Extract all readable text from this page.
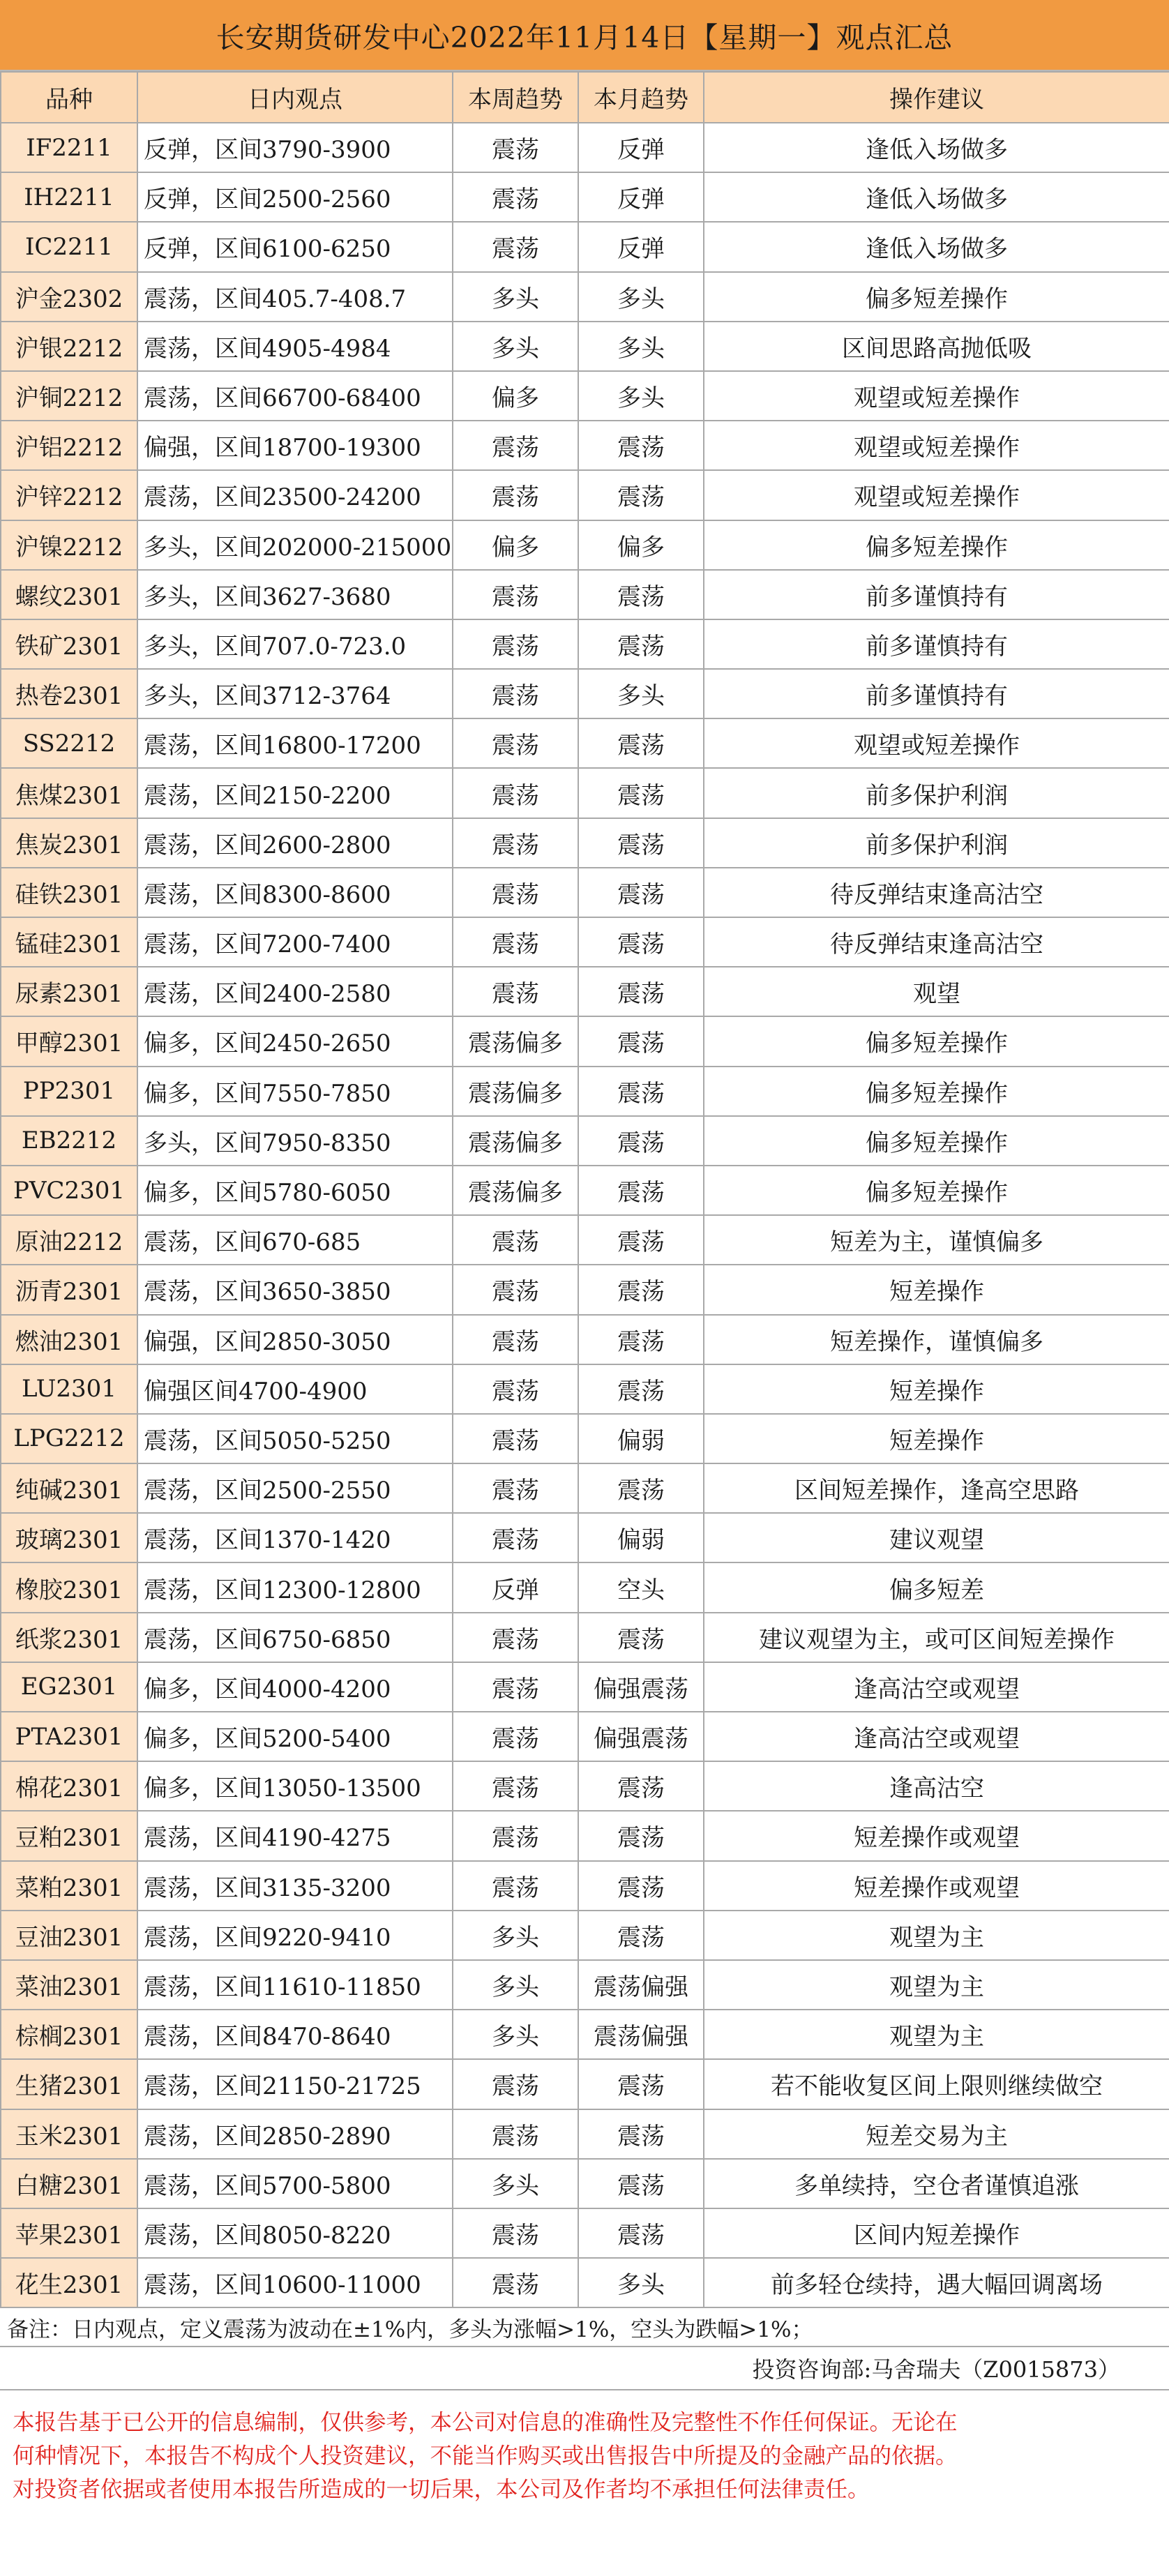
长安期货研发中心2022年11月14日【星期一】观点汇总
品种	日内观点	本周趋势	本月趋势	操作建议
IF2211	反弹，区间3790-3900	震荡	反弹	逢低入场做多
IH2211	反弹，区间2500-2560	震荡	反弹	逢低入场做多
IC2211	反弹，区间6100-6250	震荡	反弹	逢低入场做多
沪金2302	震荡，区间405.7-408.7	多头	多头	偏多短差操作
沪银2212	震荡，区间4905-4984	多头	多头	区间思路高抛低吸
沪铜2212	震荡，区间66700-68400	偏多	多头	观望或短差操作
沪铝2212	偏强，区间18700-19300	震荡	震荡	观望或短差操作
沪锌2212	震荡，区间23500-24200	震荡	震荡	观望或短差操作
沪镍2212	多头，区间202000-215000	偏多	偏多	偏多短差操作
螺纹2301	多头，区间3627-3680	震荡	震荡	前多谨慎持有
铁矿2301	多头，区间707.0-723.0	震荡	震荡	前多谨慎持有
热卷2301	多头，区间3712-3764	震荡	多头	前多谨慎持有
SS2212	震荡，区间16800-17200	震荡	震荡	观望或短差操作
焦煤2301	震荡，区间2150-2200	震荡	震荡	前多保护利润
焦炭2301	震荡，区间2600-2800	震荡	震荡	前多保护利润
硅铁2301	震荡，区间8300-8600	震荡	震荡	待反弹结束逢高沽空
锰硅2301	震荡，区间7200-7400	震荡	震荡	待反弹结束逢高沽空
尿素2301	震荡，区间2400-2580	震荡	震荡	观望
甲醇2301	偏多，区间2450-2650	震荡偏多	震荡	偏多短差操作
PP2301	偏多，区间7550-7850	震荡偏多	震荡	偏多短差操作
EB2212	多头，区间7950-8350	震荡偏多	震荡	偏多短差操作
PVC2301	偏多，区间5780-6050	震荡偏多	震荡	偏多短差操作
原油2212	震荡，区间670-685	震荡	震荡	短差为主，谨慎偏多
沥青2301	震荡，区间3650-3850	震荡	震荡	短差操作
燃油2301	偏强，区间2850-3050	震荡	震荡	短差操作，谨慎偏多
LU2301	偏强区间4700-4900	震荡	震荡	短差操作
LPG2212	震荡，区间5050-5250	震荡	偏弱	短差操作
纯碱2301	震荡，区间2500-2550	震荡	震荡	区间短差操作，逢高空思路
玻璃2301	震荡，区间1370-1420	震荡	偏弱	建议观望
橡胶2301	震荡，区间12300-12800	反弹	空头	偏多短差
纸浆2301	震荡，区间6750-6850	震荡	震荡	建议观望为主，或可区间短差操作
EG2301	偏多，区间4000-4200	震荡	偏强震荡	逢高沽空或观望
PTA2301	偏多，区间5200-5400	震荡	偏强震荡	逢高沽空或观望
棉花2301	偏多，区间13050-13500	震荡	震荡	逢高沽空
豆粕2301	震荡，区间4190-4275	震荡	震荡	短差操作或观望
菜粕2301	震荡，区间3135-3200	震荡	震荡	短差操作或观望
豆油2301	震荡，区间9220-9410	多头	震荡	观望为主
菜油2301	震荡，区间11610-11850	多头	震荡偏强	观望为主
棕榈2301	震荡，区间8470-8640	多头	震荡偏强	观望为主
生猪2301	震荡，区间21150-21725	震荡	震荡	若不能收复区间上限则继续做空
玉米2301	震荡，区间2850-2890	震荡	震荡	短差交易为主
白糖2301	震荡，区间5700-5800	多头	震荡	多单续持，空仓者谨慎追涨
苹果2301	震荡，区间8050-8220	震荡	震荡	区间内短差操作
花生2301	震荡，区间10600-11000	震荡	多头	前多轻仓续持，遇大幅回调离场
备注：日内观点，定义震荡为波动在±1%内，多头为涨幅>1%，空头为跌幅>1%；
投资咨询部:马舍瑞夫（Z0015873）
本报告基于已公开的信息编制，仅供参考，本公司对信息的准确性及完整性不作任何保证。无论在
何种情况下，本报告不构成个人投资建议，不能当作购买或出售报告中所提及的金融产品的依据。
对投资者依据或者使用本报告所造成的一切后果，本公司及作者均不承担任何法律责任。
